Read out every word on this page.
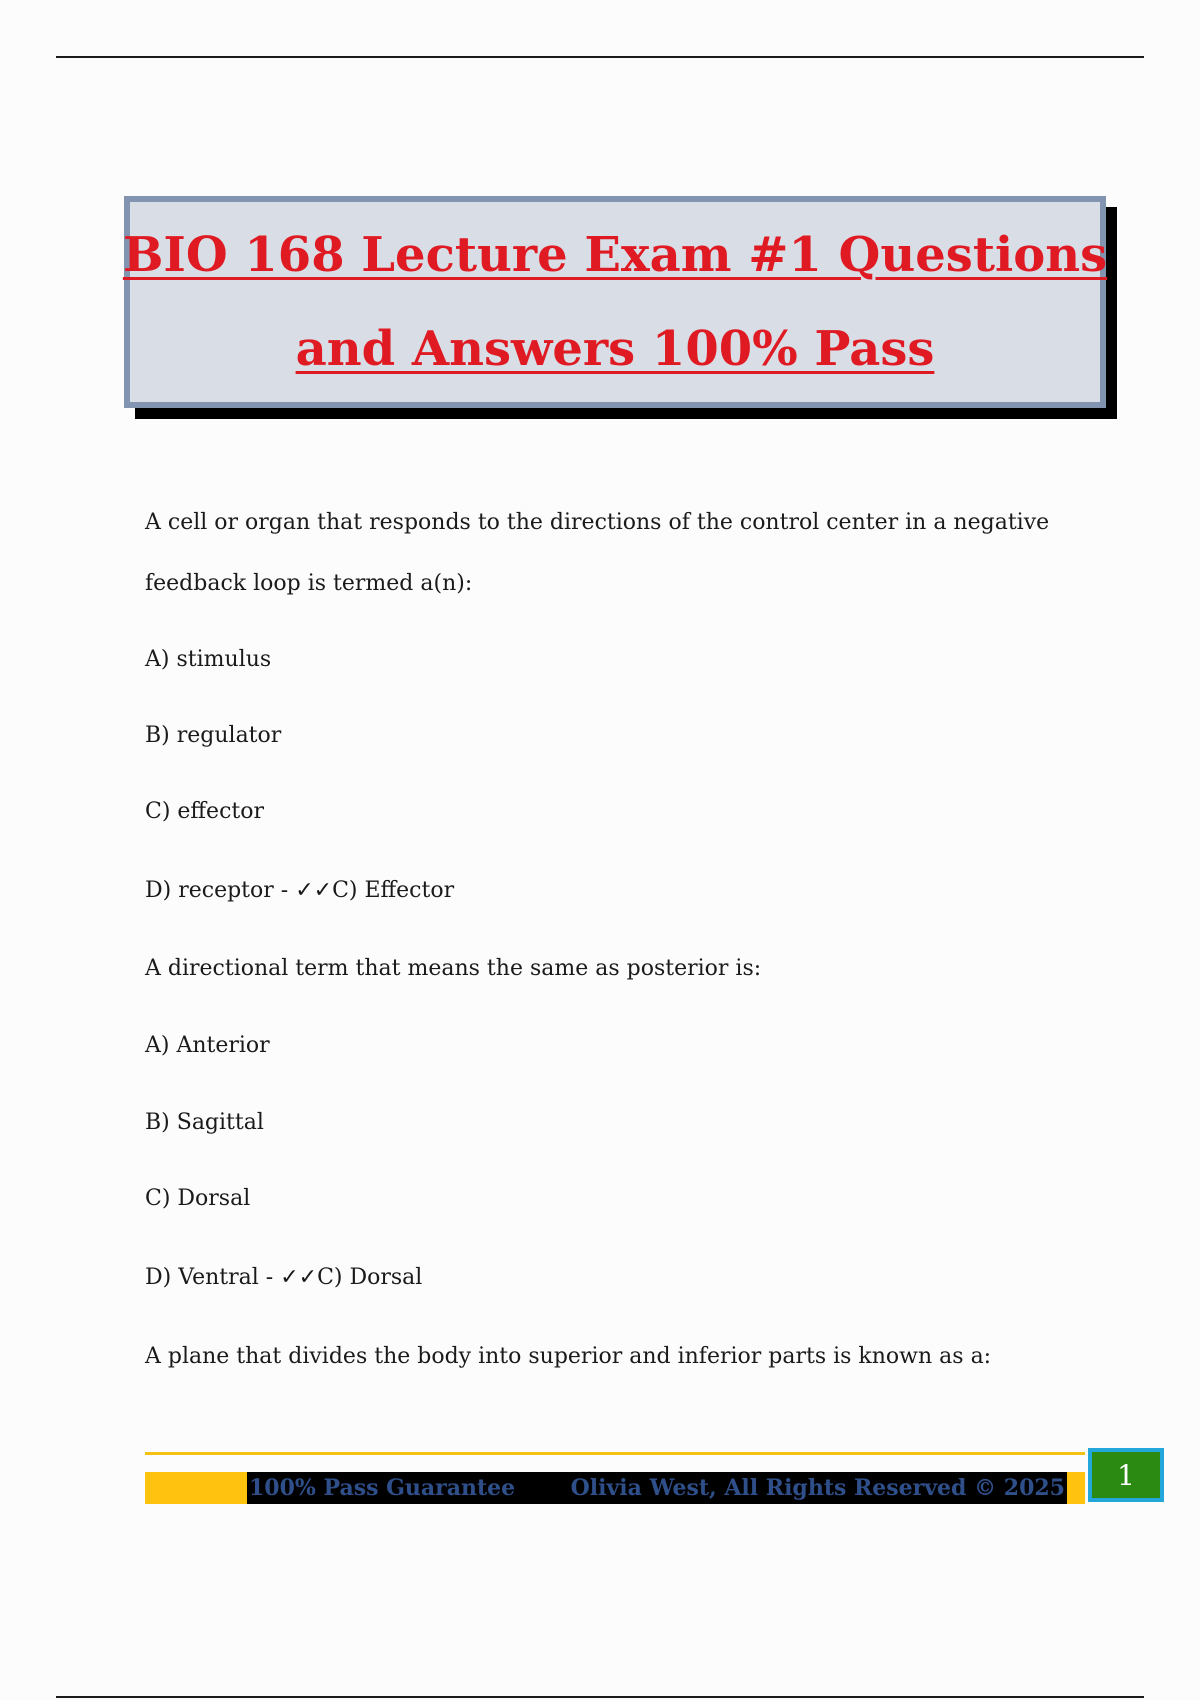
BIO 168 Lecture Exam #1 Questions
and Answers 100% Pass
A cell or organ that responds to the directions of the control center in a negative
feedback loop is termed a(n):
A) stimulus
B) regulator
C) effector
D) receptor - ✓✓C) Effector
A directional term that means the same as posterior is:
A) Anterior
B) Sagittal
C) Dorsal
D) Ventral - ✓✓C) Dorsal
A plane that divides the body into superior and inferior parts is known as a:
100% Pass Guarantee	Olivia West, All Rights Reserved © 2025	1
